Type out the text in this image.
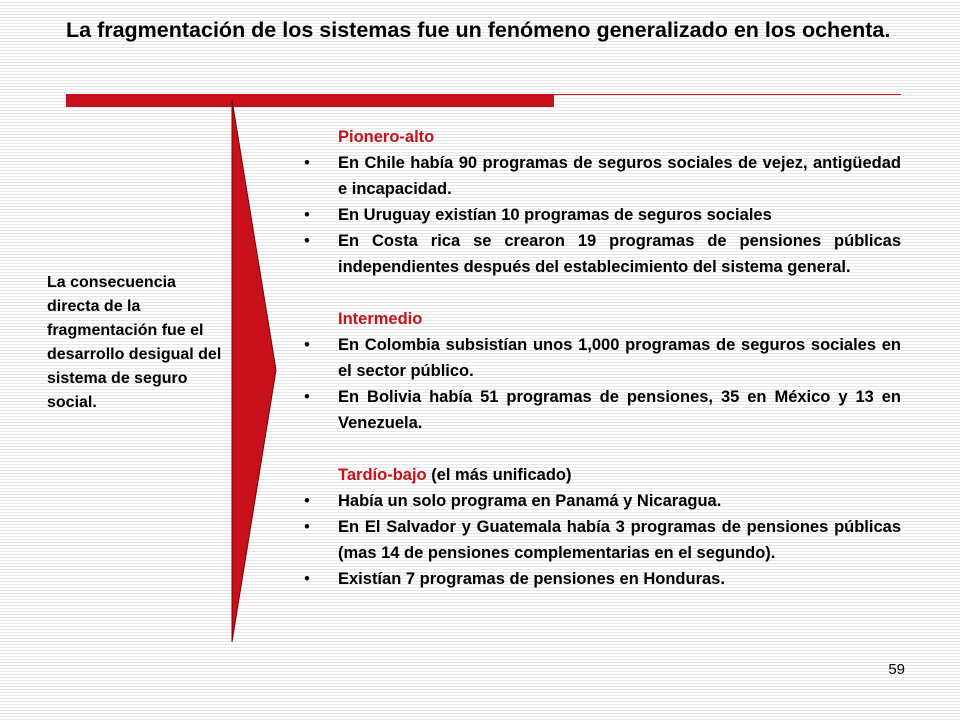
La fragmentación de los sistemas fue un fenómeno generalizado en los ochenta.

La consecuencia directa de la fragmentación fue el desarrollo desigual del sistema de seguro social.

Pionero-alto
• En Chile había 90 programas de seguros sociales de vejez, antigüedad e incapacidad.
• En Uruguay existían 10 programas de seguros sociales
• En Costa rica se crearon 19 programas de pensiones públicas independientes después del establecimiento del sistema general.
Intermedio
• En Colombia subsistían unos 1,000 programas de seguros sociales en el sector público.
• En Bolivia había 51 programas de pensiones, 35 en México y 13 en Venezuela.
Tardío-bajo (el más unificado)
• Había un solo programa en Panamá y Nicaragua.
• En El Salvador y Guatemala había 3 programas de pensiones públicas (mas 14 de pensiones complementarias en el segundo).
• Existían 7 programas de pensiones en Honduras.
59
